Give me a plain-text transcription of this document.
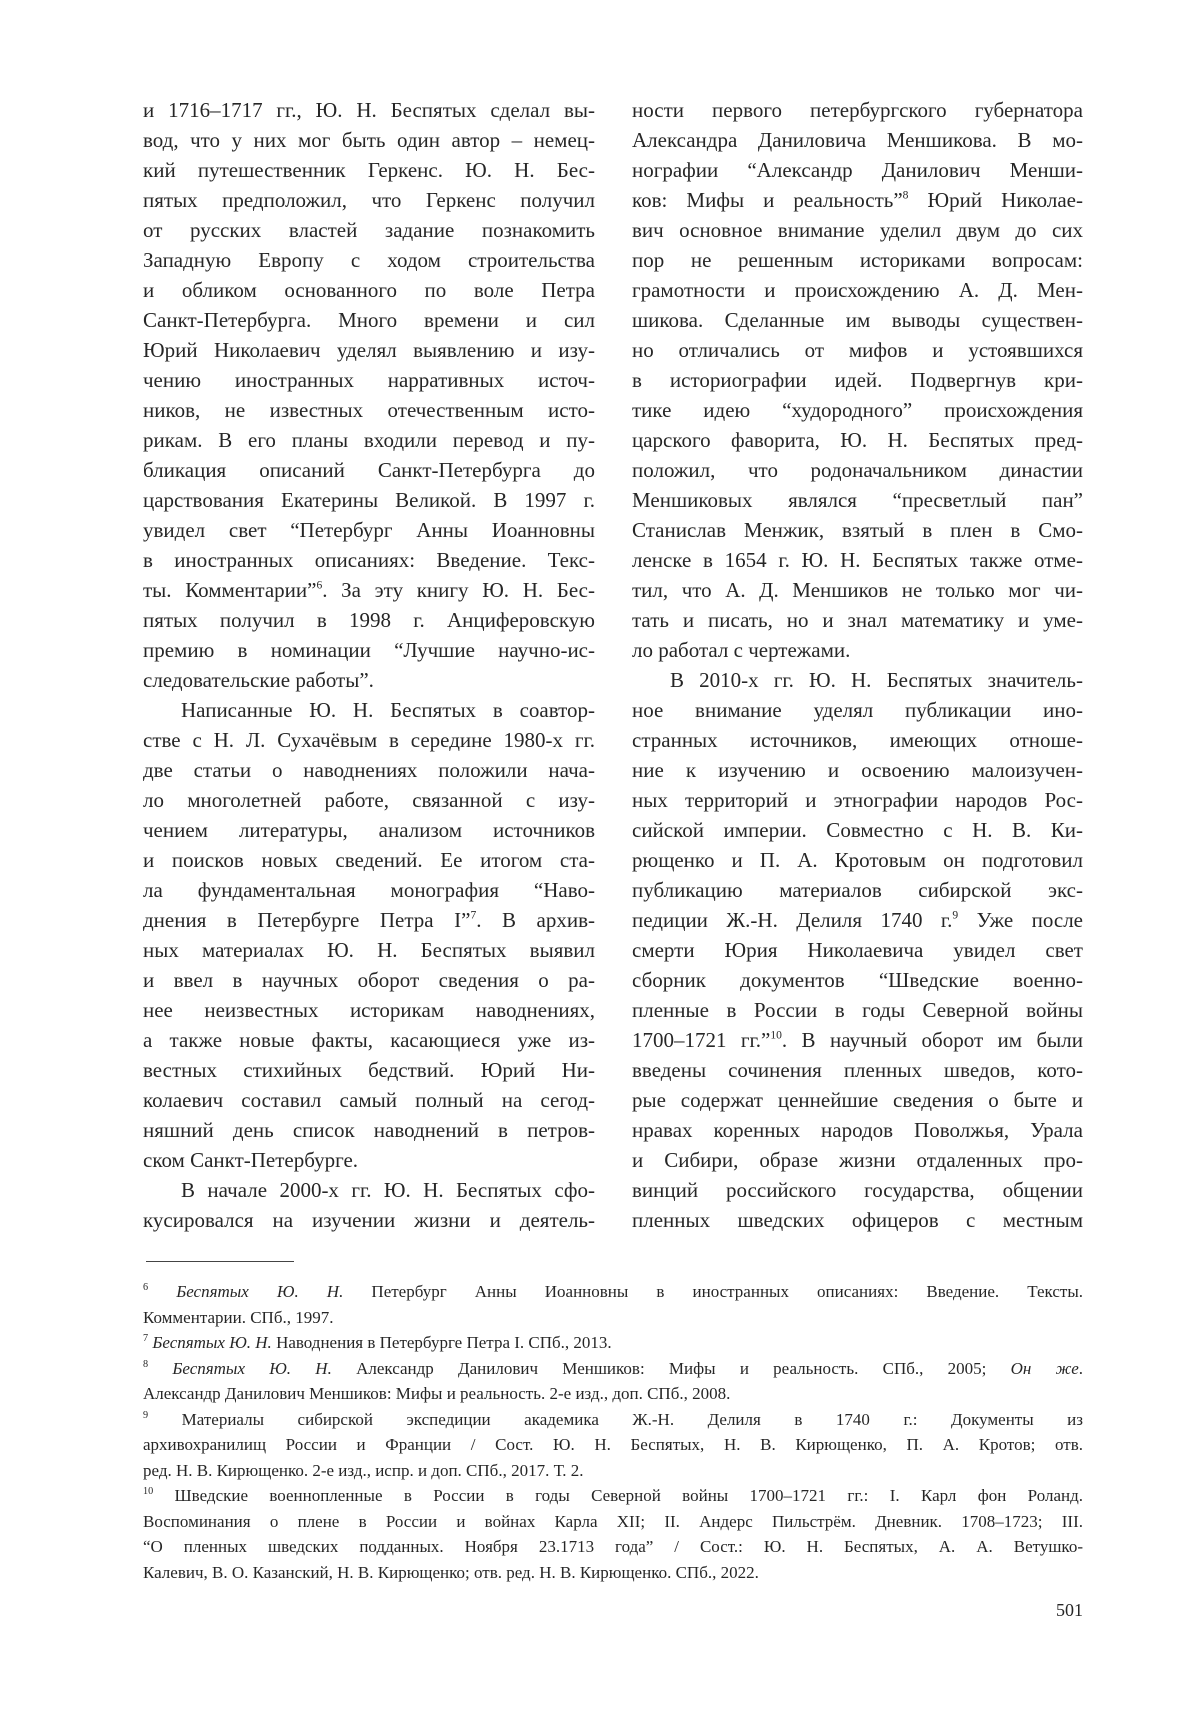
и 1716–1717 гг., Ю. Н. Беспятых сделал вы-
вод, что у них мог быть один автор – немец-
кий путешественник Геркенс. Ю. Н. Бес-
пятых предположил, что Геркенс получил
от русских властей задание познакомить
Западную Европу с ходом строительства
и обликом основанного по воле Петра
Санкт-Петербурга. Много времени и сил
Юрий Николаевич уделял выявлению и изу-
чению иностранных нарративных источ-
ников, не известных отечественным исто-
рикам. В его планы входили перевод и пу-
бликация описаний Санкт-Петербурга до
царствования Екатерины Великой. В 1997 г.
увидел свет “Петербург Анны Иоанновны
в иностранных описаниях: Введение. Текс-
ты. Комментарии”6. За эту книгу Ю. Н. Бес-
пятых получил в 1998 г. Анциферовскую
премию в номинации “Лучшие научно-ис-
следовательские работы”.
Написанные Ю. Н. Беспятых в соавтор-
стве с Н. Л. Сухачёвым в середине 1980-х гг.
две статьи о наводнениях положили нача-
ло многолетней работе, связанной с изу-
чением литературы, анализом источников
и поисков новых сведений. Ее итогом ста-
ла фундаментальная монография “Наво-
днения в Петербурге Петра I”7. В архив-
ных материалах Ю. Н. Беспятых выявил
и ввел в научных оборот сведения о ра-
нее неизвестных историкам наводнениях,
а также новые факты, касающиеся уже из-
вестных стихийных бедствий. Юрий Ни-
колаевич составил самый полный на сегод-
няшний день список наводнений в петров-
ском Санкт-Петербурге.
В начале 2000-х гг. Ю. Н. Беспятых сфо-
кусировался на изучении жизни и деятель-
ности первого петербургского губернатора
Александра Даниловича Меншикова. В мо-
нографии “Александр Данилович Менши-
ков: Мифы и реальность”8 Юрий Николае-
вич основное внимание уделил двум до сих
пор не решенным историками вопросам:
грамотности и происхождению А. Д. Мен-
шикова. Сделанные им выводы существен-
но отличались от мифов и устоявшихся
в историографии идей. Подвергнув кри-
тике идею “худородного” происхождения
царского фаворита, Ю. Н. Беспятых пред-
положил, что родоначальником династии
Меншиковых являлся “пресветлый пан”
Станислав Менжик, взятый в плен в Смо-
ленске в 1654 г. Ю. Н. Беспятых также отме-
тил, что А. Д. Меншиков не только мог чи-
тать и писать, но и знал математику и уме-
ло работал с чертежами.
В 2010-х гг. Ю. Н. Беспятых значитель-
ное внимание уделял публикации ино-
странных источников, имеющих отноше-
ние к изучению и освоению малоизучен-
ных территорий и этнографии народов Рос-
сийской империи. Совместно с Н. В. Ки-
рющенко и П. А. Кротовым он подготовил
публикацию материалов сибирской экс-
педиции Ж.-Н. Делиля 1740 г.9 Уже после
смерти Юрия Николаевича увидел свет
сборник документов “Шведские военно-
пленные в России в годы Северной войны
1700–1721 гг.”10. В научный оборот им были
введены сочинения пленных шведов, кото-
рые содержат ценнейшие сведения о быте и
нравах коренных народов Поволжья, Урала
и Сибири, образе жизни отдаленных про-
винций российского государства, общении
пленных шведских офицеров с местным
6 Беспятых Ю. Н. Петербург Анны Иоанновны в иностранных описаниях: Введение. Тексты.
Комментарии. СПб., 1997.
7 Беспятых Ю. Н. Наводнения в Петербурге Петра I. СПб., 2013.
8 Беспятых Ю. Н. Александр Данилович Меншиков: Мифы и реальность. СПб., 2005; Он же.
Александр Данилович Меншиков: Мифы и реальность. 2-е изд., доп. СПб., 2008.
9 Материалы сибирской экспедиции академика Ж.-Н. Делиля в 1740 г.: Документы из
архивохранилищ России и Франции / Сост. Ю. Н. Беспятых, Н. В. Кирющенко, П. А. Кротов; отв.
ред. Н. В. Кирющенко. 2-е изд., испр. и доп. СПб., 2017. Т. 2.
10 Шведские военнопленные в России в годы Северной войны 1700–1721 гг.: I. Карл фон Роланд.
Воспоминания о плене в России и войнах Карла XII; II. Андерс Пильстрём. Дневник. 1708–1723; III.
“О пленных шведских подданных. Ноября 23.1713 года” / Сост.: Ю. Н. Беспятых, А. А. Ветушко-
Калевич, В. О. Казанский, Н. В. Кирющенко; отв. ред. Н. В. Кирющенко. СПб., 2022.
501
